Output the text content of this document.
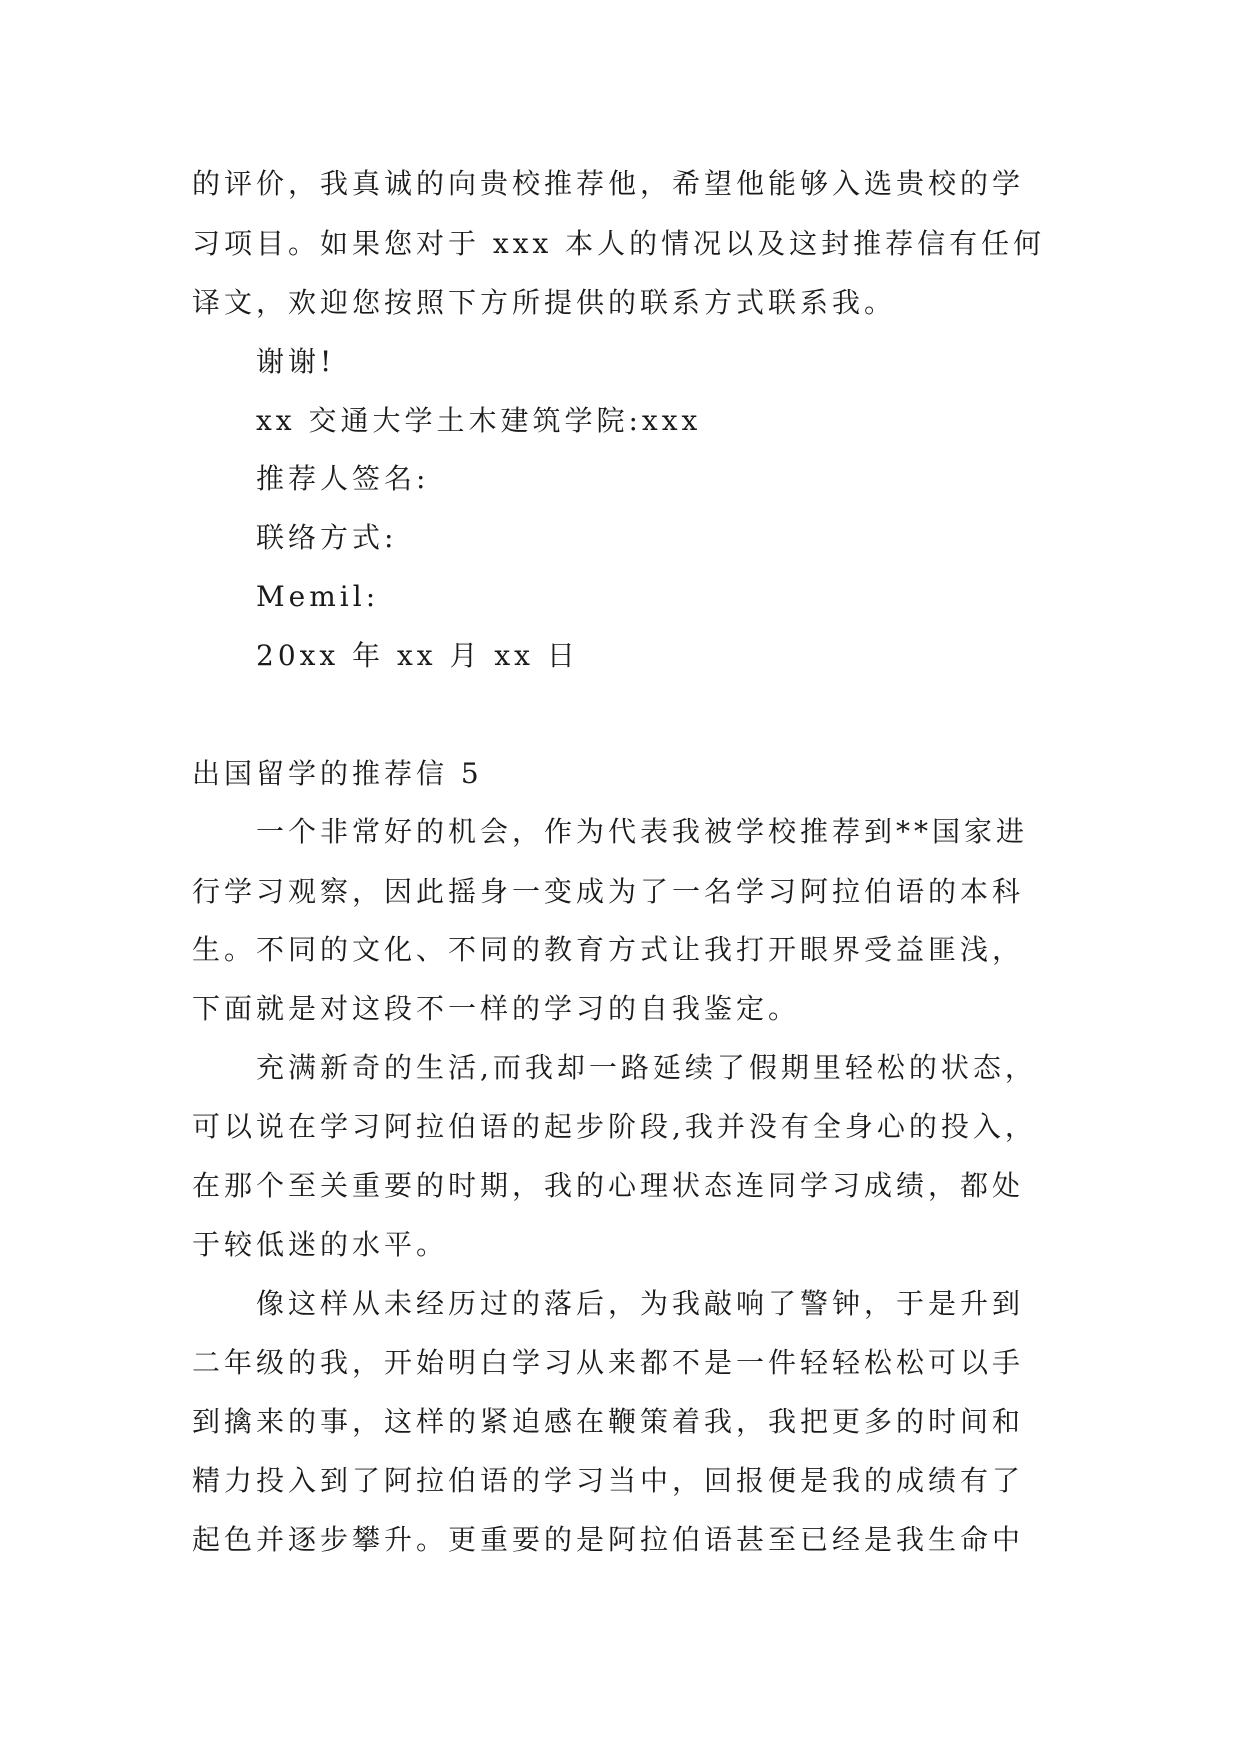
的评价，我真诚的向贵校推荐他，希望他能够入选贵校的学
习项目。如果您对于 xxx 本人的情况以及这封推荐信有任何
译文，欢迎您按照下方所提供的联系方式联系我。
谢谢!
xx 交通大学土木建筑学院:xxx
推荐人签名:
联络方式:
Memil:
20xx 年 xx 月 xx 日
出国留学的推荐信 5
一个非常好的机会，作为代表我被学校推荐到**国家进
行学习观察，因此摇身一变成为了一名学习阿拉伯语的本科
生。不同的文化、不同的教育方式让我打开眼界受益匪浅，
下面就是对这段不一样的学习的自我鉴定。
充满新奇的生活,而我却一路延续了假期里轻松的状态，
可以说在学习阿拉伯语的起步阶段,我并没有全身心的投入，
在那个至关重要的时期，我的心理状态连同学习成绩，都处
于较低迷的水平。
像这样从未经历过的落后，为我敲响了警钟，于是升到
二年级的我，开始明白学习从来都不是一件轻轻松松可以手
到擒来的事，这样的紧迫感在鞭策着我，我把更多的时间和
精力投入到了阿拉伯语的学习当中，回报便是我的成绩有了
起色并逐步攀升。更重要的是阿拉伯语甚至已经是我生命中
